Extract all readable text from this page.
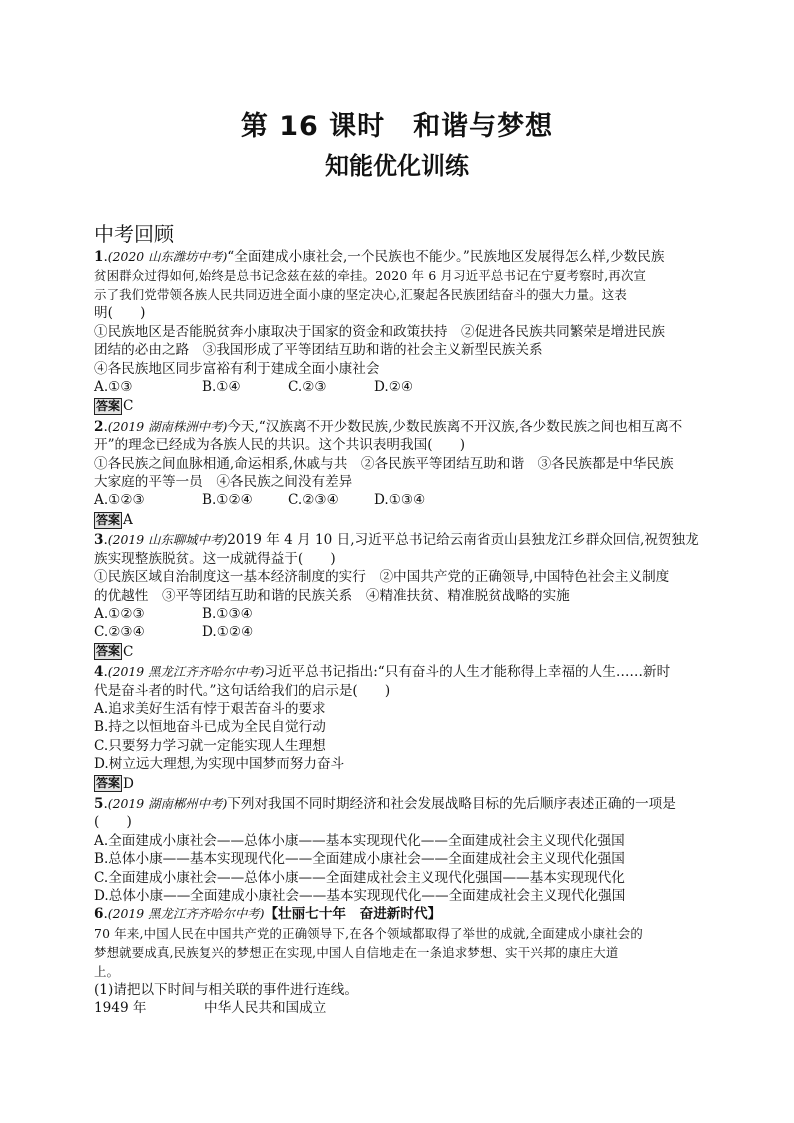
第 16 课时　和谐与梦想
知能优化训练
中考回顾
1.(2020 山东潍坊中考)“全面建成小康社会,一个民族也不能少。”民族地区发展得怎么样,少数民族
贫困群众过得如何,始终是总书记念兹在兹的牵挂。2020 年 6 月习近平总书记在宁夏考察时,再次宣
示了我们党带领各族人民共同迈进全面小康的坚定决心,汇聚起各民族团结奋斗的强大力量。这表
明(　　)
①民族地区是否能脱贫奔小康取决于国家的资金和政策扶持　②促进各民族共同繁荣是增进民族
团结的必由之路　③我国形成了平等团结互助和谐的社会主义新型民族关系
④各民族地区同步富裕有利于建成全面小康社会
A.①③	B.①④	C.②③	D.②④
答案 C
2.(2019 湖南株洲中考)今天,“汉族离不开少数民族,少数民族离不开汉族,各少数民族之间也相互离不
开”的理念已经成为各族人民的共识。这个共识表明我国(　　)
①各民族之间血脉相通,命运相系,休戚与共　②各民族平等团结互助和谐　③各民族都是中华民族
大家庭的平等一员　④各民族之间没有差异
A.①②③	B.①②④	C.②③④	D.①③④
答案 A
3.(2019 山东聊城中考)2019 年 4 月 10 日,习近平总书记给云南省贡山县独龙江乡群众回信,祝贺独龙
族实现整族脱贫。这一成就得益于(　　)
①民族区域自治制度这一基本经济制度的实行　②中国共产党的正确领导,中国特色社会主义制度
的优越性　③平等团结互助和谐的民族关系　④精准扶贫、精准脱贫战略的实施
A.①②③	B.①③④
C.②③④	D.①②④
答案 C
4.(2019 黑龙江齐齐哈尔中考)习近平总书记指出:“只有奋斗的人生才能称得上幸福的人生……新时
代是奋斗者的时代。”这句话给我们的启示是(　　)
A.追求美好生活有悖于艰苦奋斗的要求
B.持之以恒地奋斗已成为全民自觉行动
C.只要努力学习就一定能实现人生理想
D.树立远大理想,为实现中国梦而努力奋斗
答案 D
5.(2019 湖南郴州中考)下列对我国不同时期经济和社会发展战略目标的先后顺序表述正确的一项是
(　　)
A.全面建成小康社会——总体小康——基本实现现代化——全面建成社会主义现代化强国
B.总体小康——基本实现现代化——全面建成小康社会——全面建成社会主义现代化强国
C.全面建成小康社会——总体小康——全面建成社会主义现代化强国——基本实现现代化
D.总体小康——全面建成小康社会——基本实现现代化——全面建成社会主义现代化强国
6.(2019 黑龙江齐齐哈尔中考)【壮丽七十年　奋进新时代】
70 年来,中国人民在中国共产党的正确领导下,在各个领域都取得了举世的成就,全面建成小康社会的
梦想就要成真,民族复兴的梦想正在实现,中国人自信地走在一条追求梦想、实干兴邦的康庄大道
上。
(1)请把以下时间与相关联的事件进行连线。
1949 年	中华人民共和国成立
